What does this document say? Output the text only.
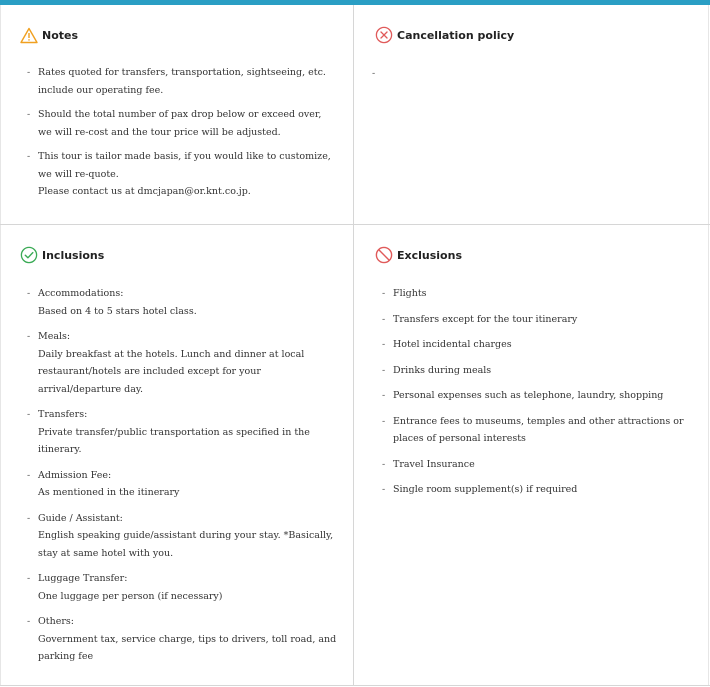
Notes
- Rates quoted for transfers, transportation, sightseeing, etc.
include our operating fee.
- Should the total number of pax drop below or exceed over,
we will re-cost and the tour price will be adjusted.
- This tour is tailor made basis, if you would like to customize,
we will re-quote.
Please contact us at dmcjapan@or.knt.co.jp.
Cancellation policy
-
Inclusions
- Accommodations:
Based on 4 to 5 stars hotel class.
- Meals:
Daily breakfast at the hotels. Lunch and dinner at local
restaurant/hotels are included except for your
arrival/departure day.
- Transfers:
Private transfer/public transportation as specified in the
itinerary.
- Admission Fee:
As mentioned in the itinerary
- Guide / Assistant:
English speaking guide/assistant during your stay. *Basically,
stay at same hotel with you.
- Luggage Transfer:
One luggage per person (if necessary)
- Others:
Government tax, service charge, tips to drivers, toll road, and
parking fee
Exclusions
- Flights
- Transfers except for the tour itinerary
- Hotel incidental charges
- Drinks during meals
- Personal expenses such as telephone, laundry, shopping
- Entrance fees to museums, temples and other attractions or
places of personal interests
- Travel Insurance
- Single room supplement(s) if required
